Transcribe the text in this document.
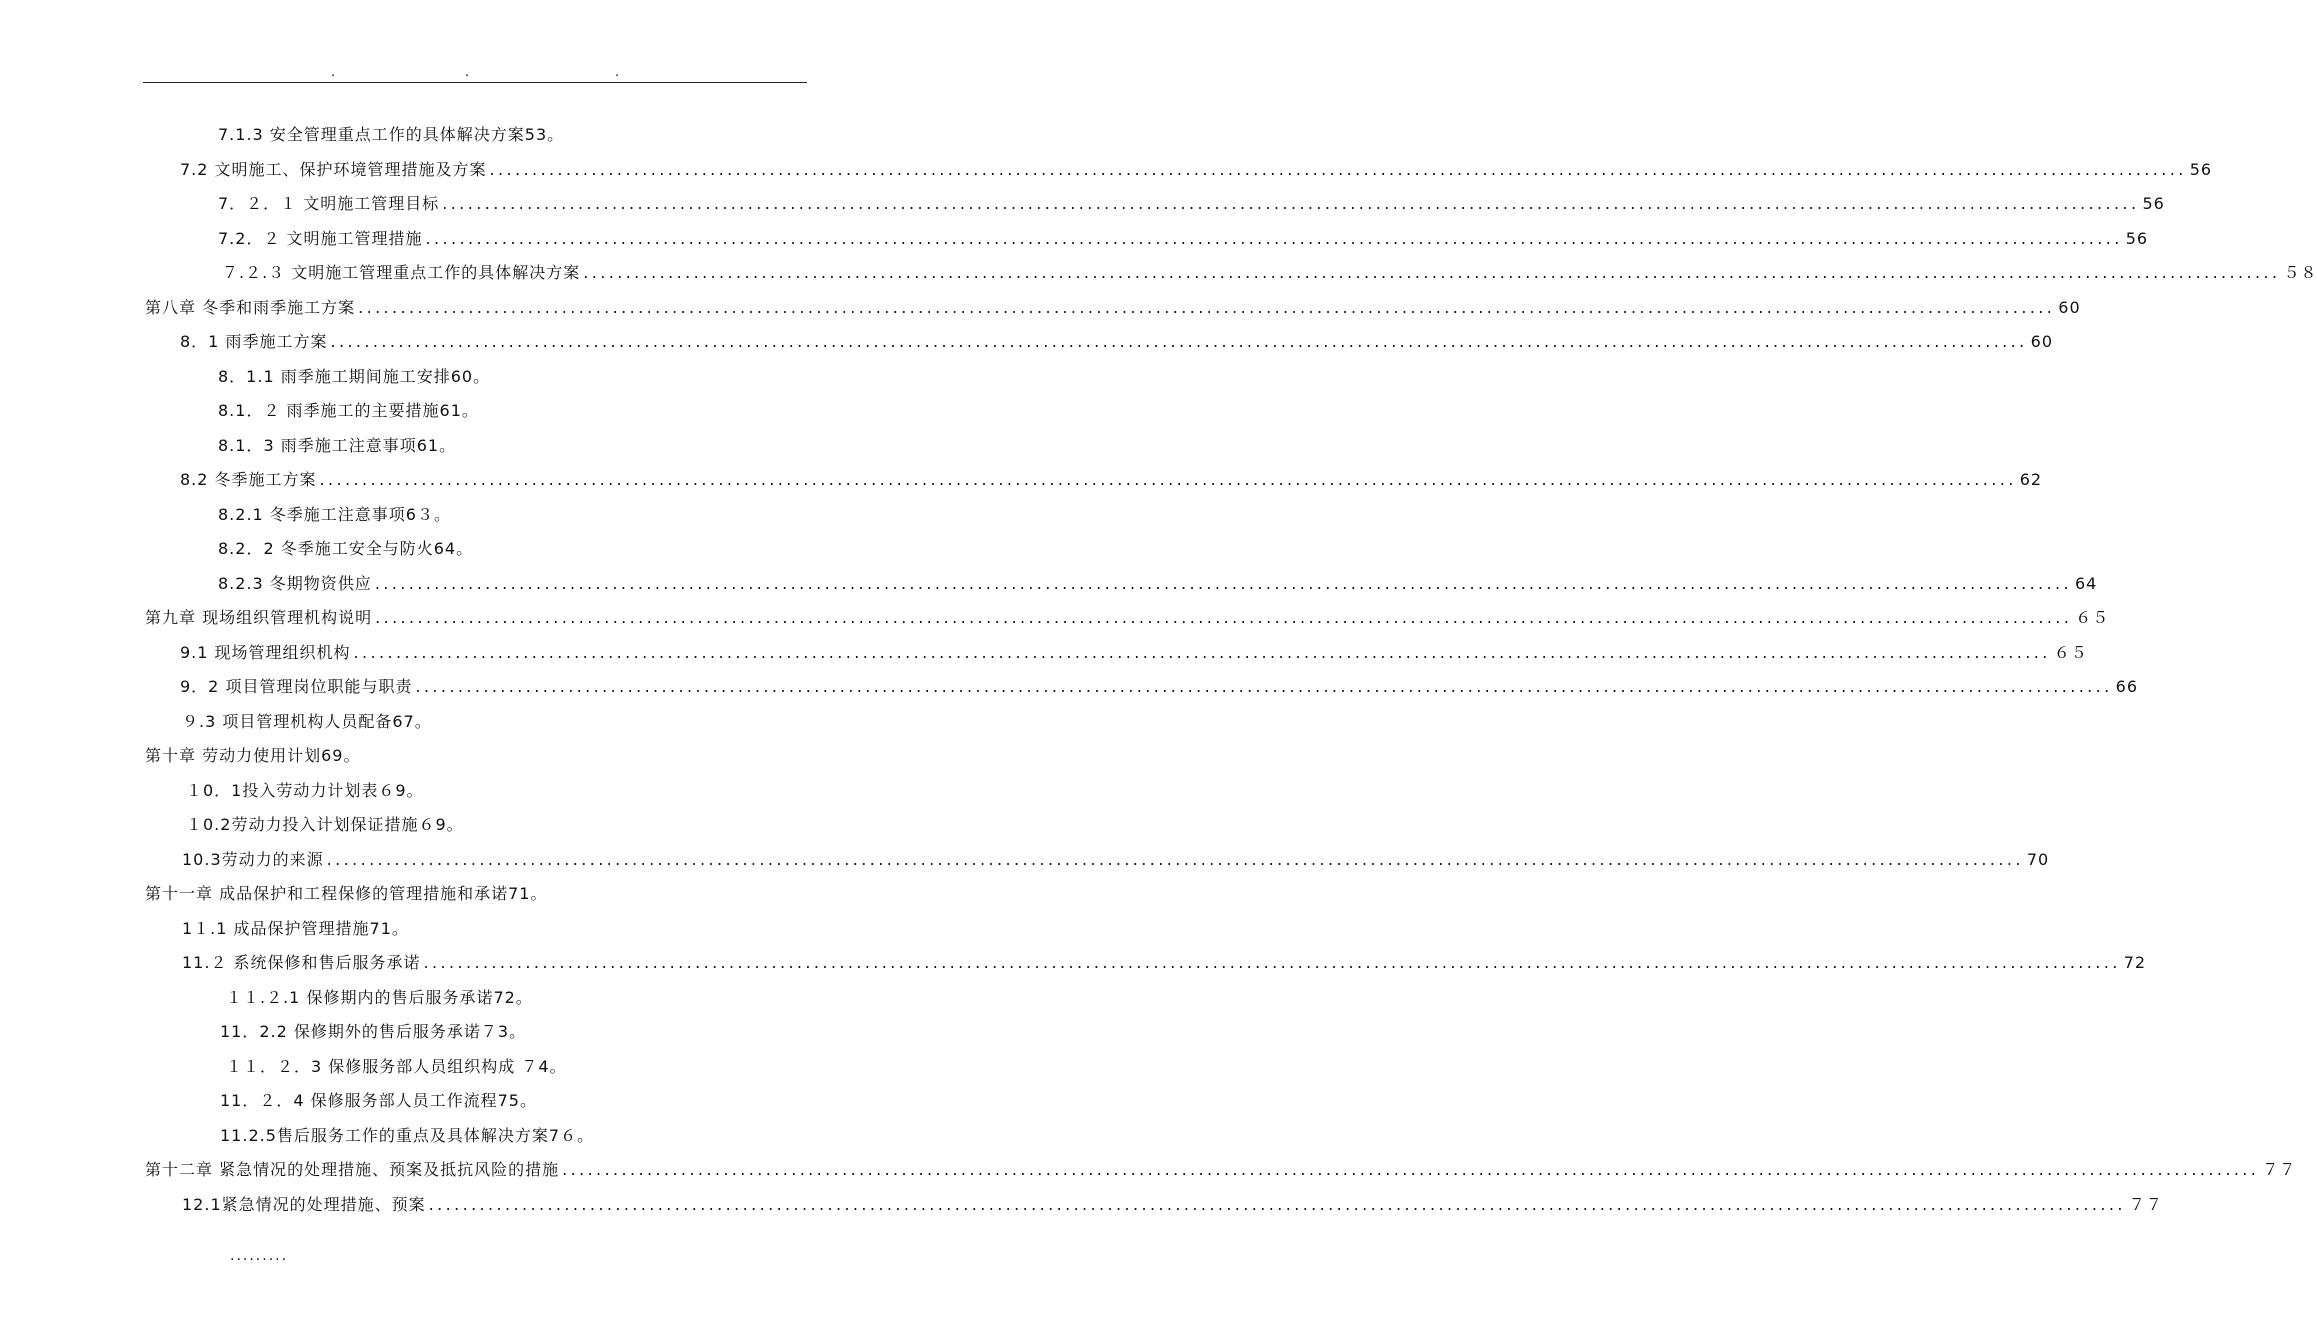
.	.	.
7.1.3 安全管理重点工作的具体解决方案53。
7.2 文明施工、保护环境管理措施及方案 ........................................................................................................................................................................................................ 56
7．２．１ 文明施工管理目标 ........................................................................................................................................................................................................ 56
7.2．２ 文明施工管理措施 ........................................................................................................................................................................................................ 56
７.２.３ 文明施工管理重点工作的具体解决方案 ........................................................................................................................................................................................................ ５８
第八章 冬季和雨季施工方案 ........................................................................................................................................................................................................ 60
8．1 雨季施工方案 ........................................................................................................................................................................................................ 60
8．1.1 雨季施工期间施工安排60。
8.1．２ 雨季施工的主要措施61。
8.1．3 雨季施工注意事项61。
8.2 冬季施工方案 ........................................................................................................................................................................................................ 62
8.2.1 冬季施工注意事项6３。
8.2．2 冬季施工安全与防火64。
8.2.3 冬期物资供应 ........................................................................................................................................................................................................ 64
第九章 现场组织管理机构说明 ........................................................................................................................................................................................................ ６５
9.1 现场管理组织机构 ........................................................................................................................................................................................................ ６５
9．2 项目管理岗位职能与职责 ........................................................................................................................................................................................................ 66
９.3 项目管理机构人员配备67。
第十章 劳动力使用计划69。
１0．1投入劳动力计划表６9。
１0.2劳动力投入计划保证措施６9。
10.3劳动力的来源 ........................................................................................................................................................................................................ 70
第十一章 成品保护和工程保修的管理措施和承诺71。
1１.1 成品保护管理措施71。
11.２ 系统保修和售后服务承诺 ........................................................................................................................................................................................................ 72
１１.２.1 保修期内的售后服务承诺72。
11．2.2 保修期外的售后服务承诺７3。
１１．２．3 保修服务部人员组织构成 ７4。
11．２．4 保修服务部人员工作流程75。
11.2.5售后服务工作的重点及具体解决方案7６。
第十二章 紧急情况的处理措施、预案及抵抗风险的措施 ........................................................................................................................................................................................................ ７７
12.1紧急情况的处理措施、预案 ........................................................................................................................................................................................................ ７７
.........
